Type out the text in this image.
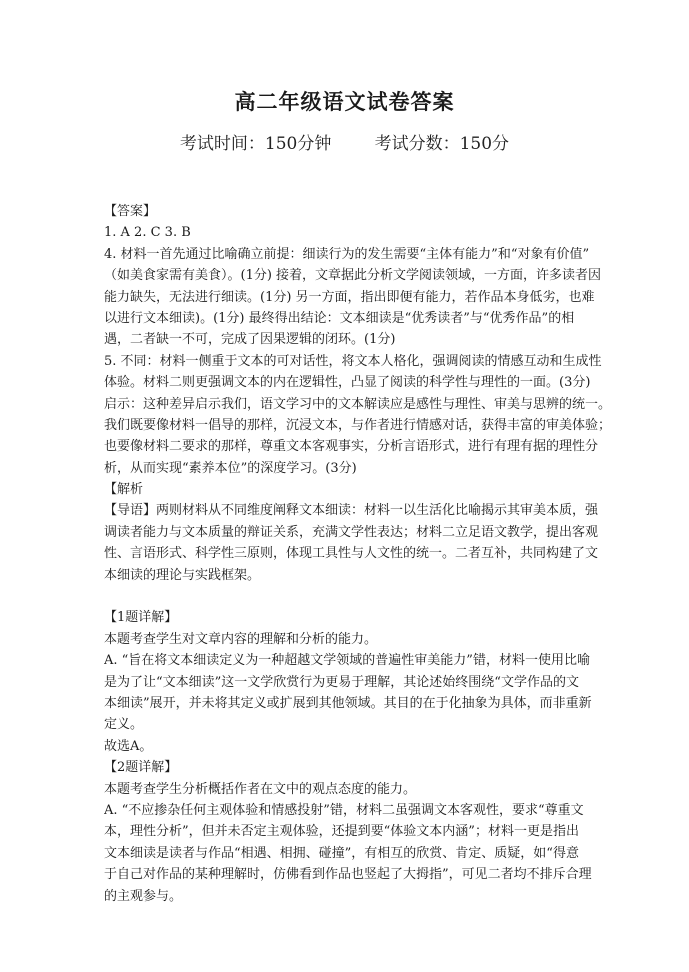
高二年级语文试卷答案
考试时间：150分钟        考试分数：150分
【答案】
1. A 2. C 3. B
4. 材料一首先通过比喻确立前提：细读行为的发生需要“主体有能力”和“对象有价值”
（如美食家需有美食）。(1分) 接着，文章据此分析文学阅读领域，一方面，许多读者因
能力缺失，无法进行细读。(1分) 另一方面，指出即便有能力，若作品本身低劣，也难
以进行文本细读)。(1分) 最终得出结论：文本细读是“优秀读者”与“优秀作品”的相
遇，二者缺一不可，完成了因果逻辑的闭环。(1分)
5. 不同：材料一侧重于文本的可对话性，将文本人格化，强调阅读的情感互动和生成性
体验。材料二则更强调文本的内在逻辑性，凸显了阅读的科学性与理性的一面。(3分)
启示：这种差异启示我们，语文学习中的文本解读应是感性与理性、审美与思辨的统一。
我们既要像材料一倡导的那样，沉浸文本，与作者进行情感对话，获得丰富的审美体验；
也要像材料二要求的那样，尊重文本客观事实，分析言语形式，进行有理有据的理性分
析，从而实现“素养本位”的深度学习。(3分)
【解析
【导语】两则材料从不同维度阐释文本细读：材料一以生活化比喻揭示其审美本质，强
调读者能力与文本质量的辩证关系，充满文学性表达；材料二立足语文教学，提出客观
性、言语形式、科学性三原则，体现工具性与人文性的统一。二者互补，共同构建了文
本细读的理论与实践框架。
【1题详解】
本题考查学生对文章内容的理解和分析的能力。
A. “旨在将文本细读定义为一种超越文学领域的普遍性审美能力”错，材料一使用比喻
是为了让“文本细读”这一文学欣赏行为更易于理解，其论述始终围绕“文学作品的文
本细读”展开，并未将其定义或扩展到其他领域。其目的在于化抽象为具体，而非重新
定义。
故选A。
【2题详解】
本题考查学生分析概括作者在文中的观点态度的能力。
A. “不应掺杂任何主观体验和情感投射”错，材料二虽强调文本客观性，要求“尊重文
本，理性分析”，但并未否定主观体验，还提到要“体验文本内涵”；材料一更是指出
文本细读是读者与作品“相遇、相拥、碰撞”，有相互的欣赏、肯定、质疑，如“得意
于自己对作品的某种理解时，仿佛看到作品也竖起了大拇指”，可见二者均不排斥合理
的主观参与。
